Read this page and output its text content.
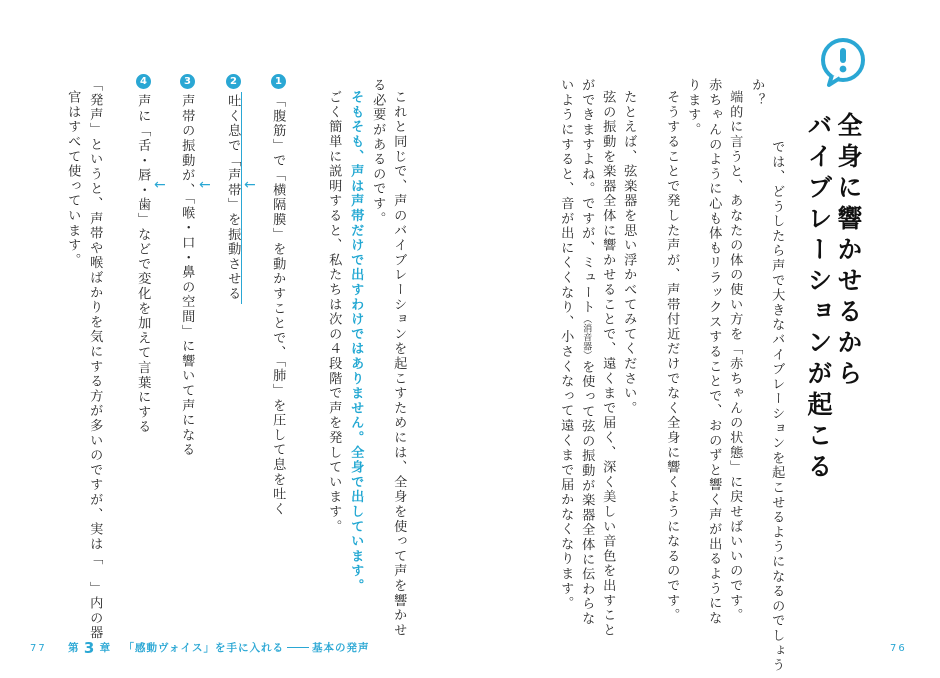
全身に響かせるから
バイブレーションが起こる
では、どうしたら声で大きなバイブレーションを起こせるようになるのでしょう
か？
端的に言うと、あなたの体の使い方を「赤ちゃんの状態」に戻せばいいのです。
赤ちゃんのように心も体もリラックスすることで、おのずと響く声が出るようにな
ります。
そうすることで発した声が、声帯付近だけでなく全身に響くようになるのです。
たとえば、弦楽器を思い浮かべてみてください。
弦の振動を楽器全体に響かせることで、遠くまで届く、深く美しい音色を出すこと
ができますよね。ですが、ミュート（消音器）を使って弦の振動が楽器全体に伝わらな
いようにすると、音が出にくくなり、小さくなって遠くまで届かなくなります。
これと同じで、声のバイブレーションを起こすためには、全身を使って声を響かせ
る必要があるのです。
そもそも、声は声帯だけで出すわけではありません。全身で出しています。
ごく簡単に説明すると、私たちは次の４段階で声を発しています。
1
「腹筋」で「横隔膜」を動かすことで、「肺」を圧して息を吐く
2
吐く息で「声帯」を振動させる
3
声帯の振動が、「喉・口・鼻の空間」に響いて声になる
4
声に「舌・唇・歯」などで変化を加えて言葉にする	←
←
←
「発声」というと、声帯や喉ばかりを気にする方が多いのですが、実は「　」内の器
官はすべて使っています。
77 第 3 章 「感動ヴォイス」を手に入れる	基本の発声	76
